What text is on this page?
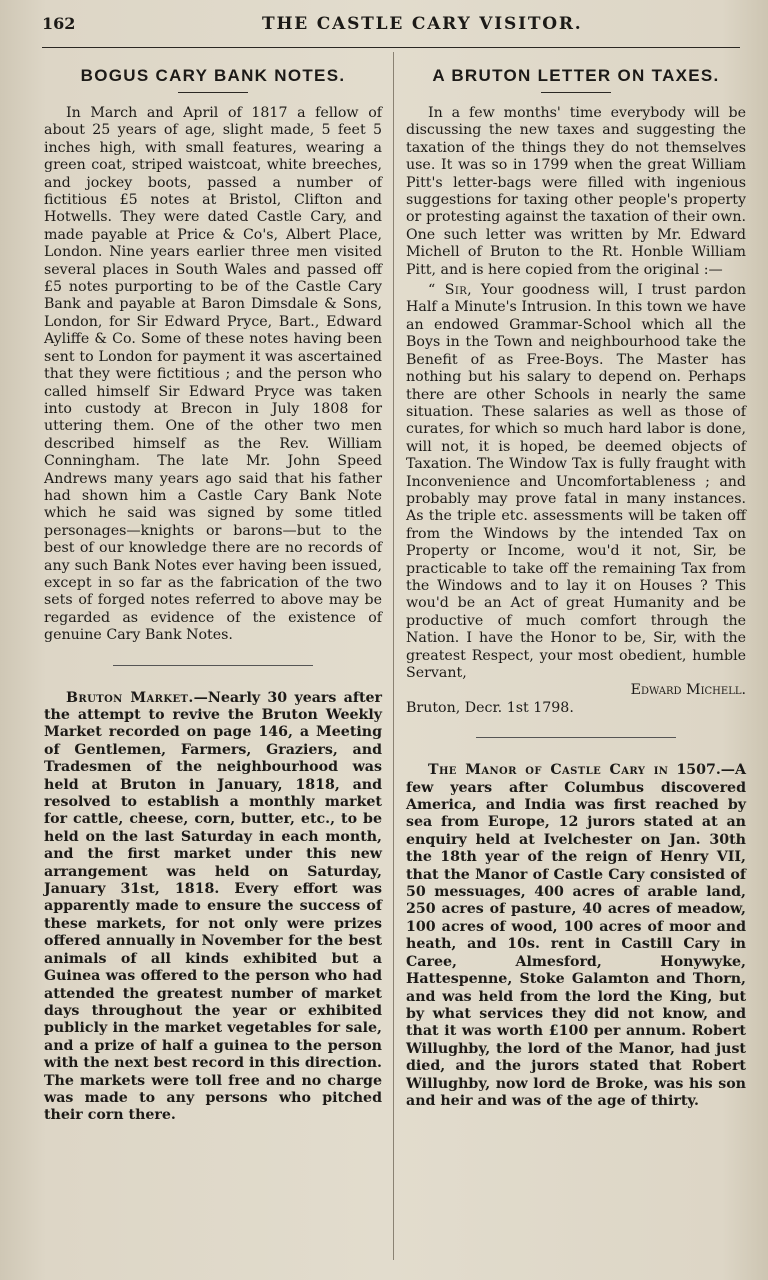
162	THE CASTLE CARY VISITOR.
BOGUS CARY BANK NOTES.

In March and April of 1817 a fellow of about 25 years of age, slight made, 5 feet 5 inches high, with small features, wearing a green coat, striped waistcoat, white breeches, and jockey boots, passed a number of fictitious £5 notes at Bristol, Clifton and Hotwells. They were dated Castle Cary, and made payable at Price & Co's, Albert Place, London. Nine years earlier three men visited several places in South Wales and passed off £5 notes purporting to be of the Castle Cary Bank and payable at Baron Dimsdale & Sons, London, for Sir Edward Pryce, Bart., Edward Ayliffe & Co. Some of these notes having been sent to London for payment it was ascertained that they were fictitious ; and the person who called himself Sir Edward Pryce was taken into custody at Brecon in July 1808 for uttering them. One of the other two men described himself as the Rev. William Conningham. The late Mr. John Speed Andrews many years ago said that his father had shown him a Castle Cary Bank Note which he said was signed by some titled personages—knights or barons—but to the best of our knowledge there are no records of any such Bank Notes ever having been issued, except in so far as the fabrication of the two sets of forged notes referred to above may be regarded as evidence of the existence of genuine Cary Bank Notes.

Bruton Market.—Nearly 30 years after the attempt to revive the Bruton Weekly Market recorded on page 146, a Meeting of Gentlemen, Farmers, Graziers, and Tradesmen of the neighbourhood was held at Bruton in January, 1818, and resolved to establish a monthly market for cattle, cheese, corn, butter, etc., to be held on the last Saturday in each month, and the first market under this new arrangement was held on Saturday, January 31st, 1818. Every effort was apparently made to ensure the success of these markets, for not only were prizes offered annually in November for the best animals of all kinds exhibited but a Guinea was offered to the person who had attended the greatest number of market days throughout the year or exhibited publicly in the market vegetables for sale, and a prize of half a guinea to the person with the next best record in this direction. The markets were toll free and no charge was made to any persons who pitched their corn there.

A BRUTON LETTER ON TAXES.

In a few months' time everybody will be discussing the new taxes and suggesting the taxation of the things they do not themselves use. It was so in 1799 when the great William Pitt's letter-bags were filled with ingenious suggestions for taxing other people's property or protesting against the taxation of their own. One such letter was written by Mr. Edward Michell of Bruton to the Rt. Honble William Pitt, and is here copied from the original :—

“ Sir, Your goodness will, I trust pardon Half a Minute's Intrusion. In this town we have an endowed Grammar-School which all the Boys in the Town and neighbourhood take the Benefit of as Free-Boys. The Master has nothing but his salary to depend on. Perhaps there are other Schools in nearly the same situation. These salaries as well as those of curates, for which so much hard labor is done, will not, it is hoped, be deemed objects of Taxation. The Window Tax is fully fraught with Inconvenience and Uncomfortableness ; and probably may prove fatal in many instances. As the triple etc. assessments will be taken off from the Windows by the intended Tax on Property or Income, wou'd it not, Sir, be practicable to take off the remaining Tax from the Windows and to lay it on Houses ? This wou'd be an Act of great Humanity and be productive of much comfort through the Nation. I have the Honor to be, Sir, with the greatest Respect, your most obedient, humble Servant,

Edward Michell.
Bruton, Decr. 1st 1798.

The Manor of Castle Cary in 1507.—A few years after Columbus discovered America, and India was first reached by sea from Europe, 12 jurors stated at an enquiry held at Ivelchester on Jan. 30th the 18th year of the reign of Henry VII, that the Manor of Castle Cary consisted of 50 messuages, 400 acres of arable land, 250 acres of pasture, 40 acres of meadow, 100 acres of wood, 100 acres of moor and heath, and 10s. rent in Castill Cary in Caree, Almesford, Honywyke, Hattespenne, Stoke Galamton and Thorn, and was held from the lord the King, but by what services they did not know, and that it was worth £100 per annum. Robert Willughby, the lord of the Manor, had just died, and the jurors stated that Robert Willughby, now lord de Broke, was his son and heir and was of the age of thirty.
